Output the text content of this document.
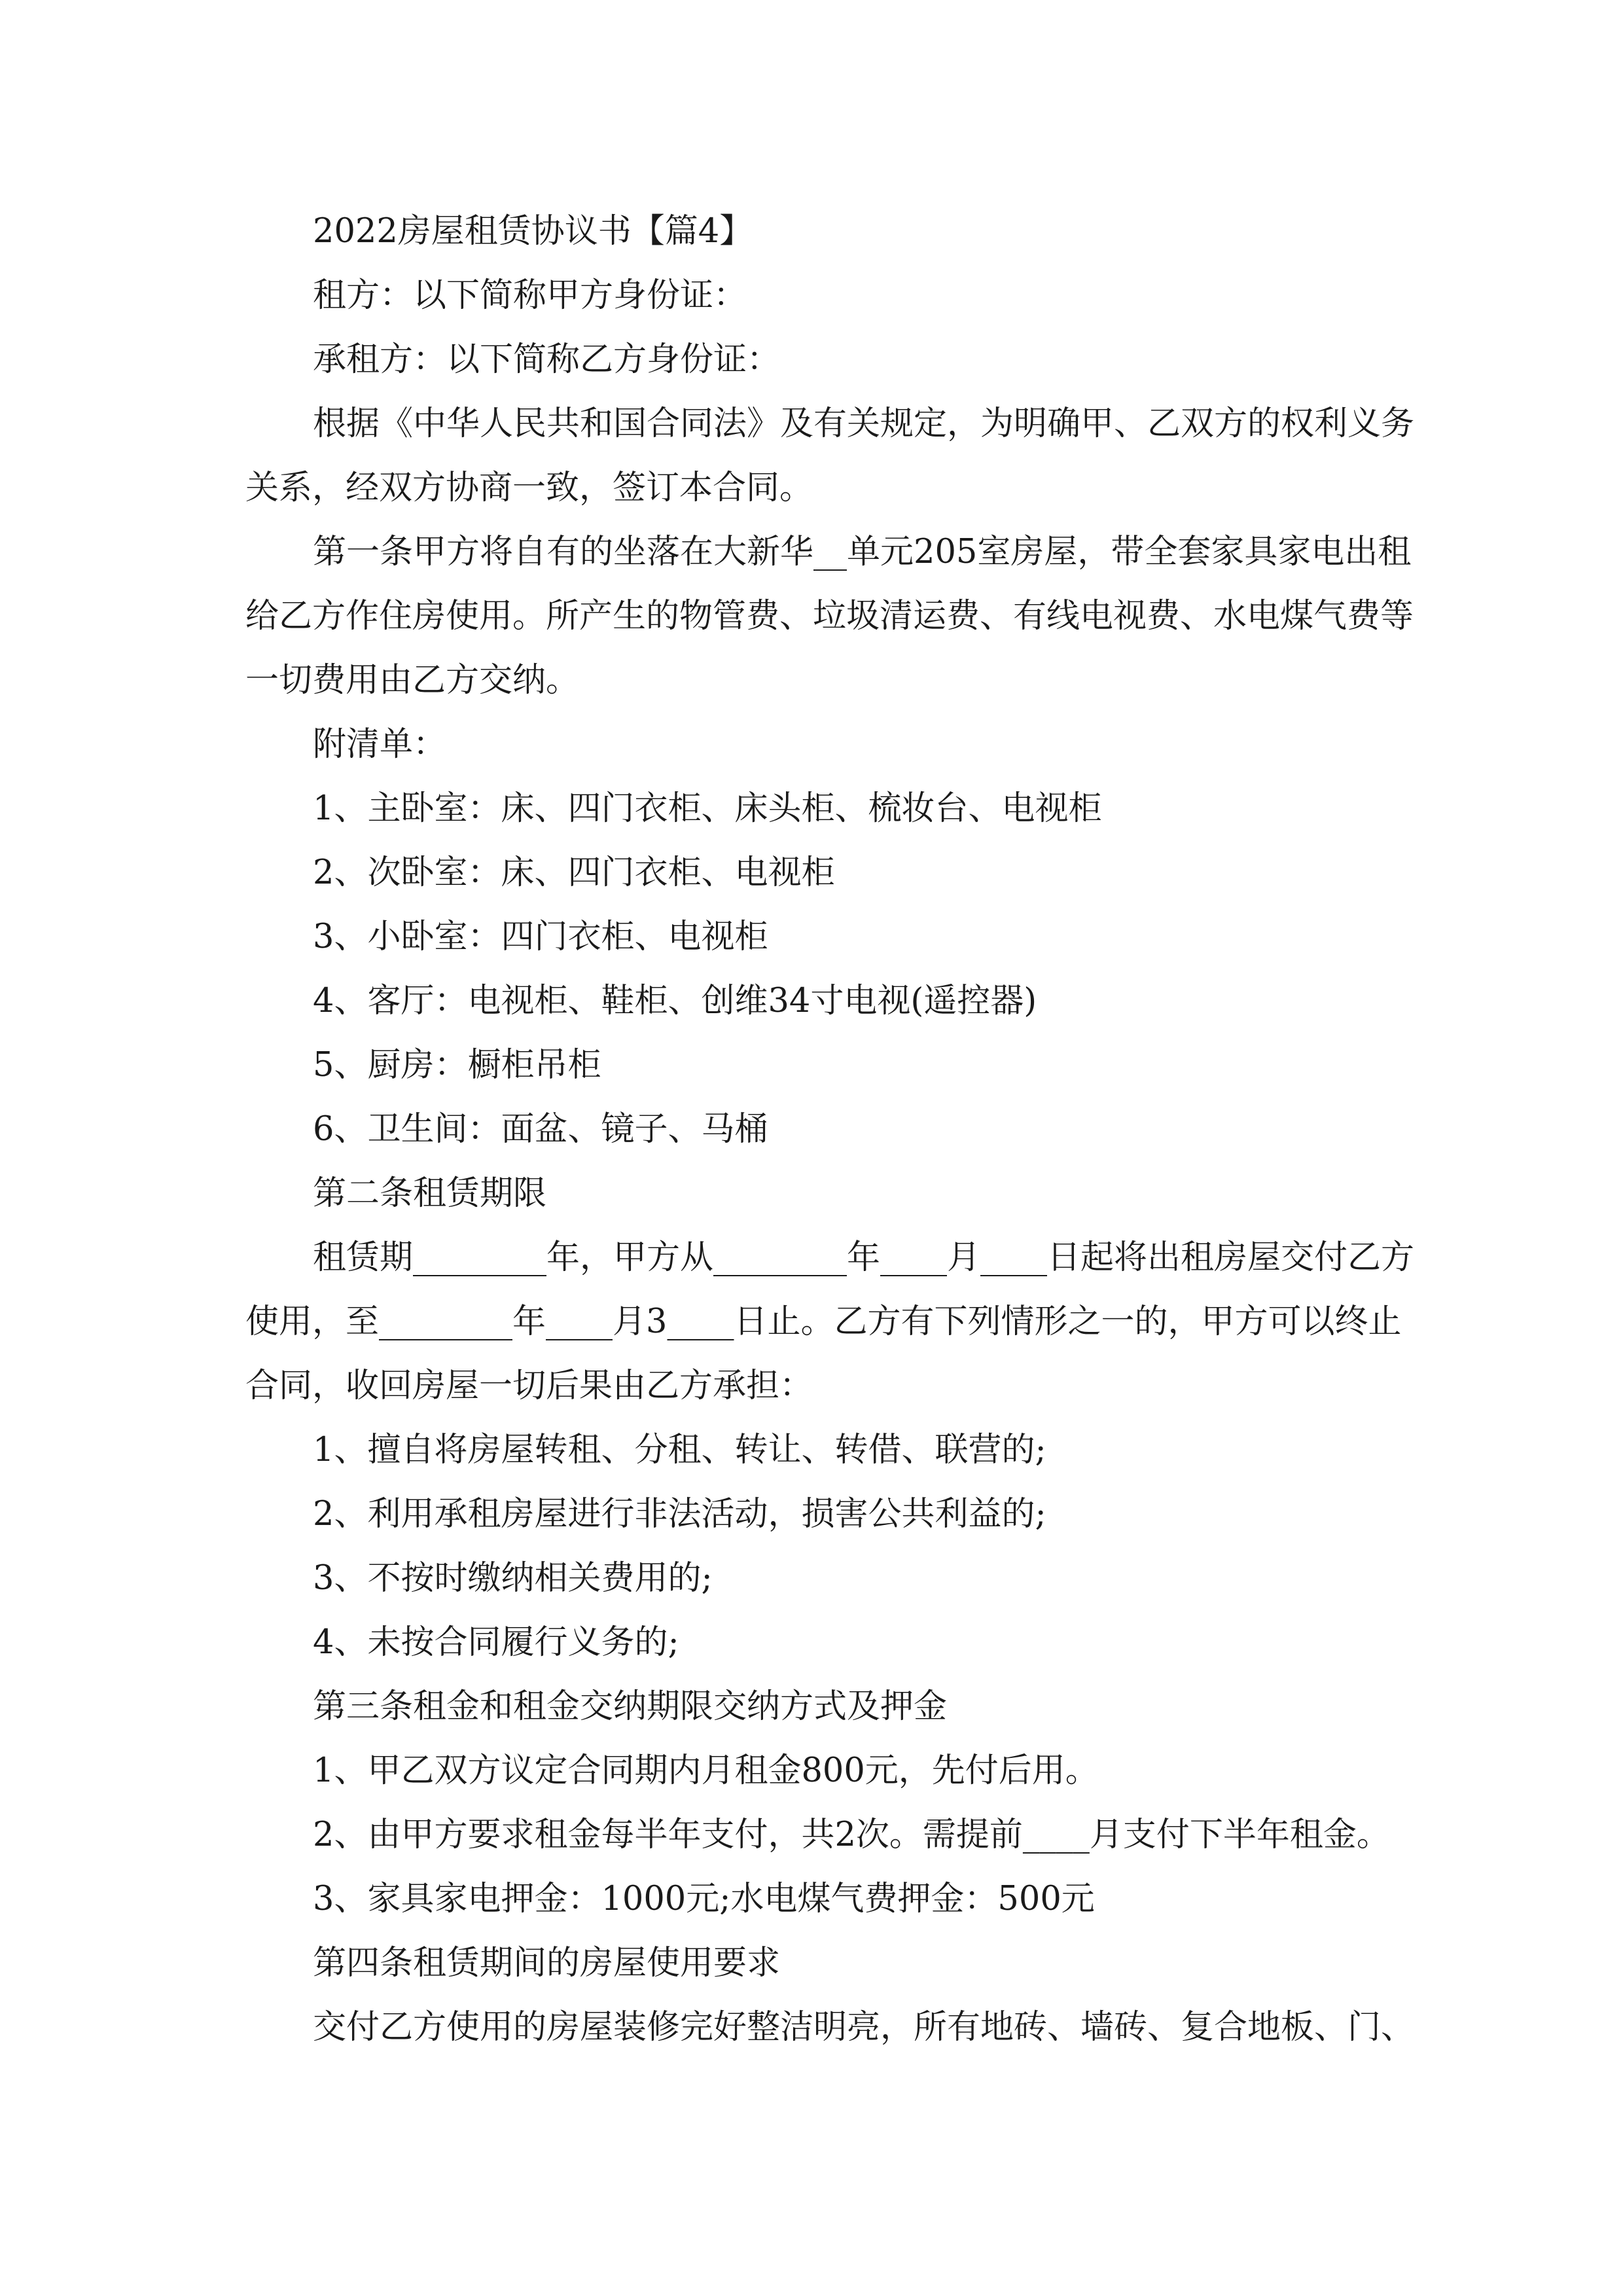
2022房屋租赁协议书【篇4】
租方：以下简称甲方身份证：
承租方：以下简称乙方身份证：
根据《中华人民共和国合同法》及有关规定，为明确甲、乙双方的权利义务
关系，经双方协商一致，签订本合同。
第一条甲方将自有的坐落在大新华__单元205室房屋，带全套家具家电出租
给乙方作住房使用。所产生的物管费、垃圾清运费、有线电视费、水电煤气费等
一切费用由乙方交纳。
附清单：
1、主卧室：床、四门衣柜、床头柜、梳妆台、电视柜
2、次卧室：床、四门衣柜、电视柜
3、小卧室：四门衣柜、电视柜
4、客厅：电视柜、鞋柜、创维34寸电视(遥控器)
5、厨房：橱柜吊柜
6、卫生间：面盆、镜子、马桶
第二条租赁期限
租赁期________年，甲方从________年____月____日起将出租房屋交付乙方
使用，至________年____月3____日止。乙方有下列情形之一的，甲方可以终止
合同，收回房屋一切后果由乙方承担：
1、擅自将房屋转租、分租、转让、转借、联营的;
2、利用承租房屋进行非法活动，损害公共利益的;
3、不按时缴纳相关费用的;
4、未按合同履行义务的;
第三条租金和租金交纳期限交纳方式及押金
1、甲乙双方议定合同期内月租金800元，先付后用。
2、由甲方要求租金每半年支付，共2次。需提前____月支付下半年租金。
3、家具家电押金：1000元;水电煤气费押金：500元
第四条租赁期间的房屋使用要求
交付乙方使用的房屋装修完好整洁明亮，所有地砖、墙砖、复合地板、门、
